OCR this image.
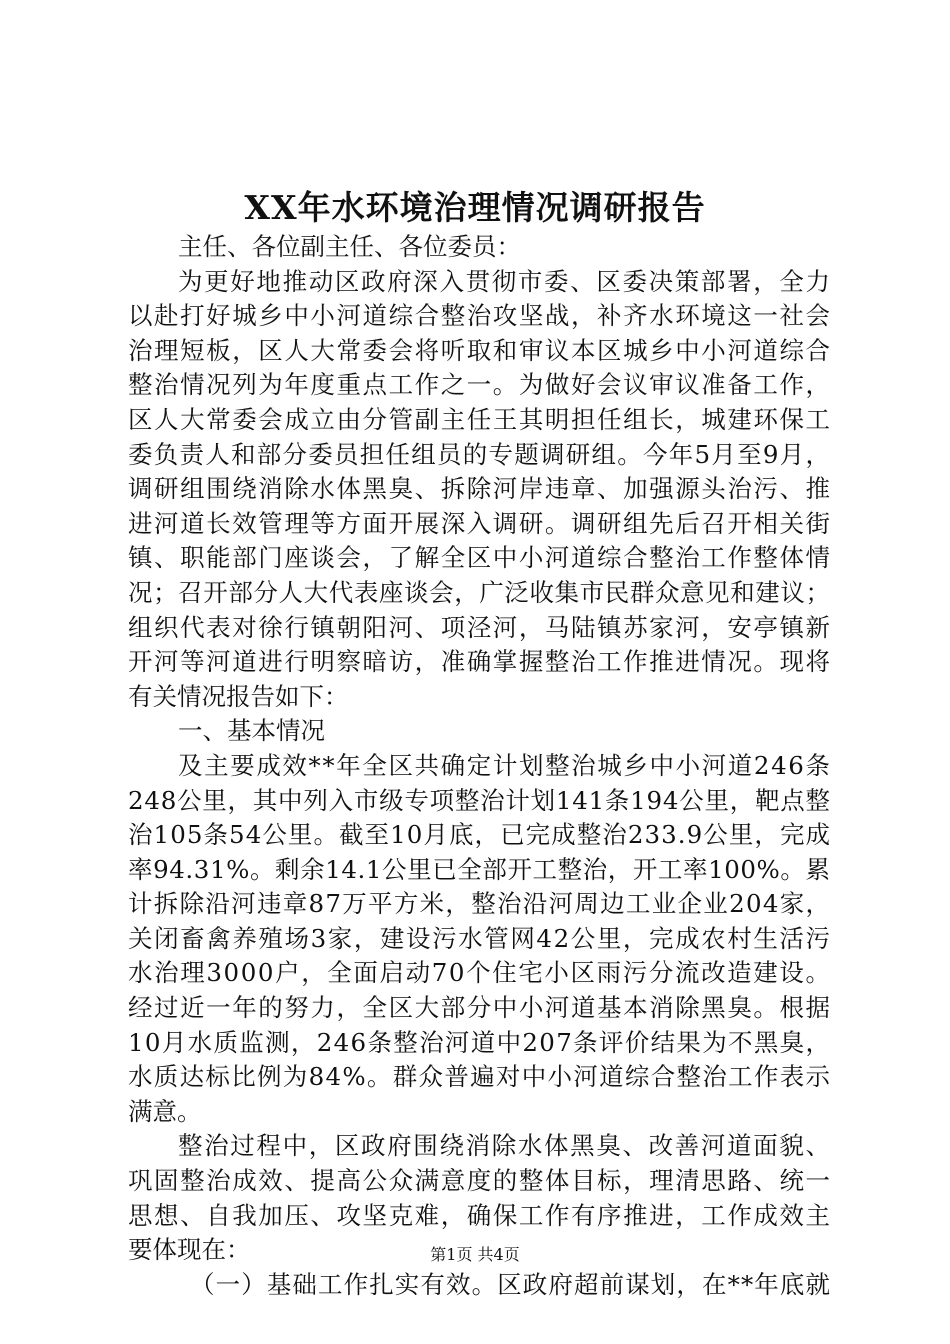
XX年水环境治理情况调研报告
主任、各位副主任、各位委员：
为更好地推动区政府深入贯彻市委、区委决策部署，全力
以赴打好城乡中小河道综合整治攻坚战，补齐水环境这一社会
治理短板，区人大常委会将听取和审议本区城乡中小河道综合
整治情况列为年度重点工作之一。为做好会议审议准备工作，
区人大常委会成立由分管副主任王其明担任组长，城建环保工
委负责人和部分委员担任组员的专题调研组。今年5月至9月，
调研组围绕消除水体黑臭、拆除河岸违章、加强源头治污、推
进河道长效管理等方面开展深入调研。调研组先后召开相关街
镇、职能部门座谈会，了解全区中小河道综合整治工作整体情
况；召开部分人大代表座谈会，广泛收集市民群众意见和建议；
组织代表对徐行镇朝阳河、项泾河，马陆镇苏家河，安亭镇新
开河等河道进行明察暗访，准确掌握整治工作推进情况。现将
有关情况报告如下：
一、基本情况
及主要成效**年全区共确定计划整治城乡中小河道246条
248公里，其中列入市级专项整治计划141条194公里，靶点整
治105条54公里。截至10月底，已完成整治233.9公里，完成
率94.31%。剩余14.1公里已全部开工整治，开工率100%。累
计拆除沿河违章87万平方米，整治沿河周边工业企业204家，
关闭畜禽养殖场3家，建设污水管网42公里，完成农村生活污
水治理3000户，全面启动70个住宅小区雨污分流改造建设。
经过近一年的努力，全区大部分中小河道基本消除黑臭。根据
10月水质监测，246条整治河道中207条评价结果为不黑臭，
水质达标比例为84%。群众普遍对中小河道综合整治工作表示
满意。
整治过程中，区政府围绕消除水体黑臭、改善河道面貌、
巩固整治成效、提高公众满意度的整体目标，理清思路、统一
思想、自我加压、攻坚克难，确保工作有序推进，工作成效主
要体现在：
（一）基础工作扎实有效。区政府超前谋划，在**年底就
第1页 共4页
